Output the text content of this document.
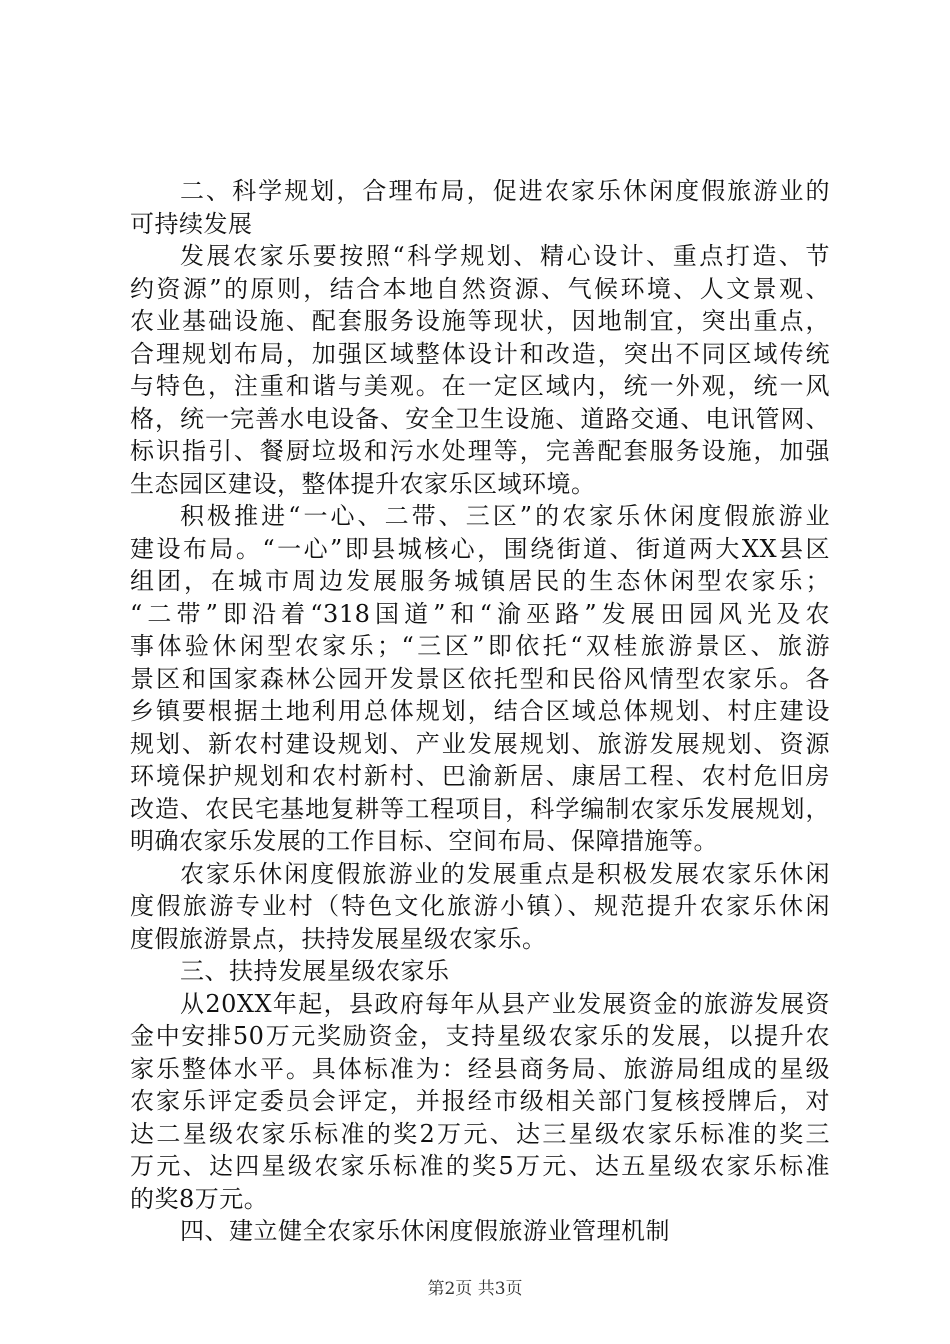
二、科学规划，合理布局，促进农家乐休闲度假旅游业的
可持续发展
发展农家乐要按照“科学规划、精心设计、重点打造、节
约资源”的原则，结合本地自然资源、气候环境、人文景观、
农业基础设施、配套服务设施等现状，因地制宜，突出重点，
合理规划布局，加强区域整体设计和改造，突出不同区域传统
与特色，注重和谐与美观。在一定区域内，统一外观，统一风
格，统一完善水电设备、安全卫生设施、道路交通、电讯管网、
标识指引、餐厨垃圾和污水处理等，完善配套服务设施，加强
生态园区建设，整体提升农家乐区域环境。
积极推进“一心、二带、三区”的农家乐休闲度假旅游业
建设布局。“一心”即县城核心，围绕街道、街道两大XX县区
组团，在城市周边发展服务城镇居民的生态休闲型农家乐；
“二带”即沿着“318国道”和“渝巫路”发展田园风光及农
事体验休闲型农家乐；“三区”即依托“双桂旅游景区、旅游
景区和国家森林公园开发景区依托型和民俗风情型农家乐。各
乡镇要根据土地利用总体规划，结合区域总体规划、村庄建设
规划、新农村建设规划、产业发展规划、旅游发展规划、资源
环境保护规划和农村新村、巴渝新居、康居工程、农村危旧房
改造、农民宅基地复耕等工程项目，科学编制农家乐发展规划，
明确农家乐发展的工作目标、空间布局、保障措施等。
农家乐休闲度假旅游业的发展重点是积极发展农家乐休闲
度假旅游专业村（特色文化旅游小镇）、规范提升农家乐休闲
度假旅游景点，扶持发展星级农家乐。
三、扶持发展星级农家乐
从20XX年起，县政府每年从县产业发展资金的旅游发展资
金中安排50万元奖励资金，支持星级农家乐的发展，以提升农
家乐整体水平。具体标准为：经县商务局、旅游局组成的星级
农家乐评定委员会评定，并报经市级相关部门复核授牌后，对
达二星级农家乐标准的奖2万元、达三星级农家乐标准的奖三
万元、达四星级农家乐标准的奖5万元、达五星级农家乐标准
的奖8万元。
四、建立健全农家乐休闲度假旅游业管理机制
第2页 共3页
